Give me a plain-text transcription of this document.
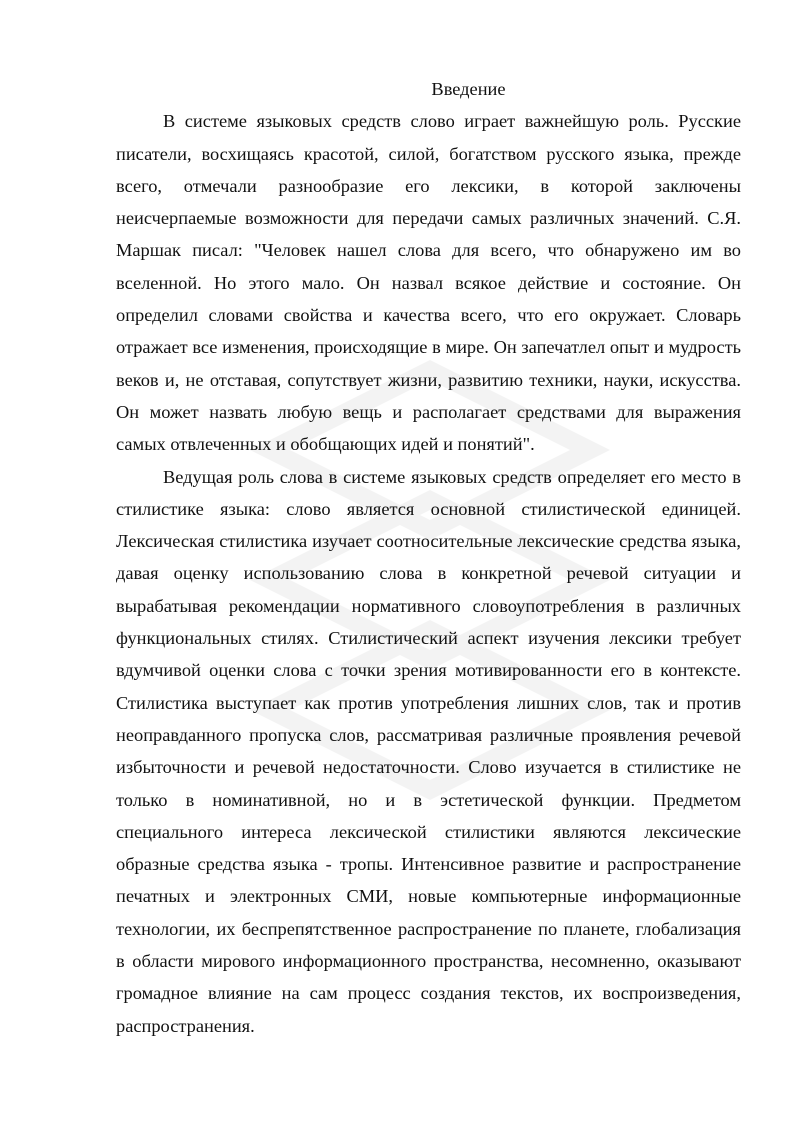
Введение

В системе языковых средств слово играет важнейшую роль. Русские писатели, восхищаясь красотой, силой, богатством русского языка, прежде всего, отмечали разнообразие его лексики, в которой заключены неисчерпаемые возможности для передачи самых различных значений. С.Я. Маршак писал: "Человек нашел слова для всего, что обнаружено им во вселенной. Но этого мало. Он назвал всякое действие и состояние. Он определил словами свойства и качества всего, что его окружает. Словарь отражает все изменения, происходящие в мире. Он запечатлел опыт и мудрость веков и, не отставая, сопутствует жизни, развитию техники, науки, искусства. Он может назвать любую вещь и располагает средствами для выражения самых отвлеченных и обобщающих идей и понятий".

Ведущая роль слова в системе языковых средств определяет его место в стилистике языка: слово является основной стилистической единицей. Лексическая стилистика изучает соотносительные лексические средства языка, давая оценку использованию слова в конкретной речевой ситуации и вырабатывая рекомендации нормативного словоупотребления в различных функциональных стилях. Стилистический аспект изучения лексики требует вдумчивой оценки слова с точки зрения мотивированности его в контексте. Стилистика выступает как против употребления лишних слов, так и против неоправданного пропуска слов, рассматривая различные проявления речевой избыточности и речевой недостаточности. Слово изучается в стилистике не только в номинативной, но и в эстетической функции. Предметом специального интереса лексической стилистики являются лексические образные средства языка - тропы. Интенсивное развитие и распространение печатных и электронных СМИ, новые компьютерные информационные технологии, их беспрепятственное распространение по планете, глобализация в области мирового информационного пространства, несомненно, оказывают громадное влияние на сам процесс создания текстов, их воспроизведения, распространения.
